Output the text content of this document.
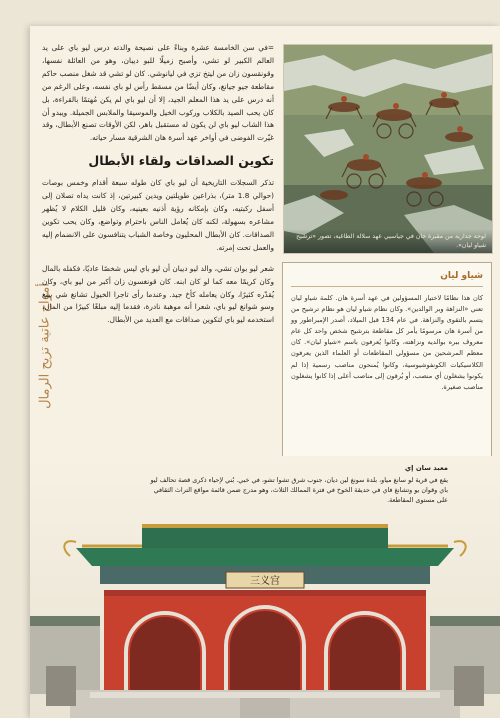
أمواج عاتية تزيح الرمال

=في سن الخامسة عشرة وبناءً على نصيحة والدته درس ليو باي على يد العالم الكبير لو تشي، وأصبح زميلًا للبو ديبان، وهو من العائلة نفسها، وقونقسون زان من ليتخ تزي في ليانوشي. كان لو تشي قد شغل منصب حاكم مقاطعة جيو جيانغ، وكان أيضًا من مسقط رأس لو باي نفسه، وعلى الرغم من أنه درس على يد هذا المعلم الجيد، إلا أن ليو باي لم يكن مُهتمًا بالقراءة، بل كان يحب الصيد بالكلاب وركوب الخيل والموسيقا والملابس الجميلة. ويبدو أن هذا الشاب ليو باي لن يكون له مستقبل باهر، لكن الأوقات تصنع الأبطال، وقد غيّرت الفوضى في أواخر عهد أسرة هان الشرقية مسار حياته.

تكوين الصداقات ولقاء الأبطال

تذكر السجلات التاريخية أن ليو باي كان طوله سبعة أقدام وخمس بوصات (حوالي 1.8 متر)، بذراعين طويلتين ويدين كبيرتين، إذ كانت يداه تصلان إلى أسفل ركبتيه، وكان بإمكانه رؤية أذنيه بعينيه، وكان قليل الكلام لا يُظهر مشاعره بسهولة، لكنه كان يُعامل الناس باحترام وتواضع، وكان يحب تكوين الصداقات. كان الأبطال المحليون وخاصة الشباب يتنافسون على الانضمام إليه والعمل تحت إمرته.

شعر ليو بوان تشي، والد ليو ديبان أن ليو باي ليس شخصًا عاديًا، فكفله بالمال وكان كريمًا معه كما لو كان ابنه. كان قونغسون زان أكبر من ليو باي، وكان يُقدّره كثيرًا، وكان يعامله كأخ جيد. وعندما رأى تاجرا الخيول تشانغ شي بينغ وسو شوانغ ليو باي، شعرا أنه موهبة نادرة، فقدما إليه مبلغًا كبيرًا من المال، استخدمه ليو باي لتكوين صداقات مع العديد من الأبطال.

لوحة جدارية من مقبرة خان في جياسيي عهد سلالة الطاغية، تصور «ترشيح شياو ليان».
شياو ليان

كان هذا نظامًا لاختيار المسؤولين في عهد أسرة هان. كلمة شياو ليان تعني «النزاهة وبر الوالدين». وكان نظام شياو ليان هو نظام ترشيح من يتسم بالتقوى والنزاهة. في عام 134 قبل الميلاد، أصدر الإمبراطور وو من أسرة هان مرسومًا يأمر كل مقاطعة بترشيح شخص واحد كل عام معروف ببره بوالديه ونزاهته، وكانوا يُعرفون باسم «شياو ليان». كان معظم المرشحين من مسؤولي المقاطعات أو العلماء الذين يعرفون الكلاسيكيات الكونفوشيوسية، وكانوا يُمنحون مناصب رسمية إذا لم يكونوا يشغلون أي منصب، أو يُرقون إلى مناصب أعلى إذا كانوا يشغلون مناصب صغيرة.

三义宫
معبد سان إي
يقع في قرية لو سانغ مياو، بلدة سونغ لين ديان، جنوب شرق تشوا تشو، في خبي. بُني لإحياء ذكرى قصة تحالف ليو باي وقوان يو وتشانغ فاي في حديقة الخوخ في فترة الممالك الثلاث، وهو مدرج ضمن قائمة مواقع التراث الثقافي على مستوى المقاطعة.
